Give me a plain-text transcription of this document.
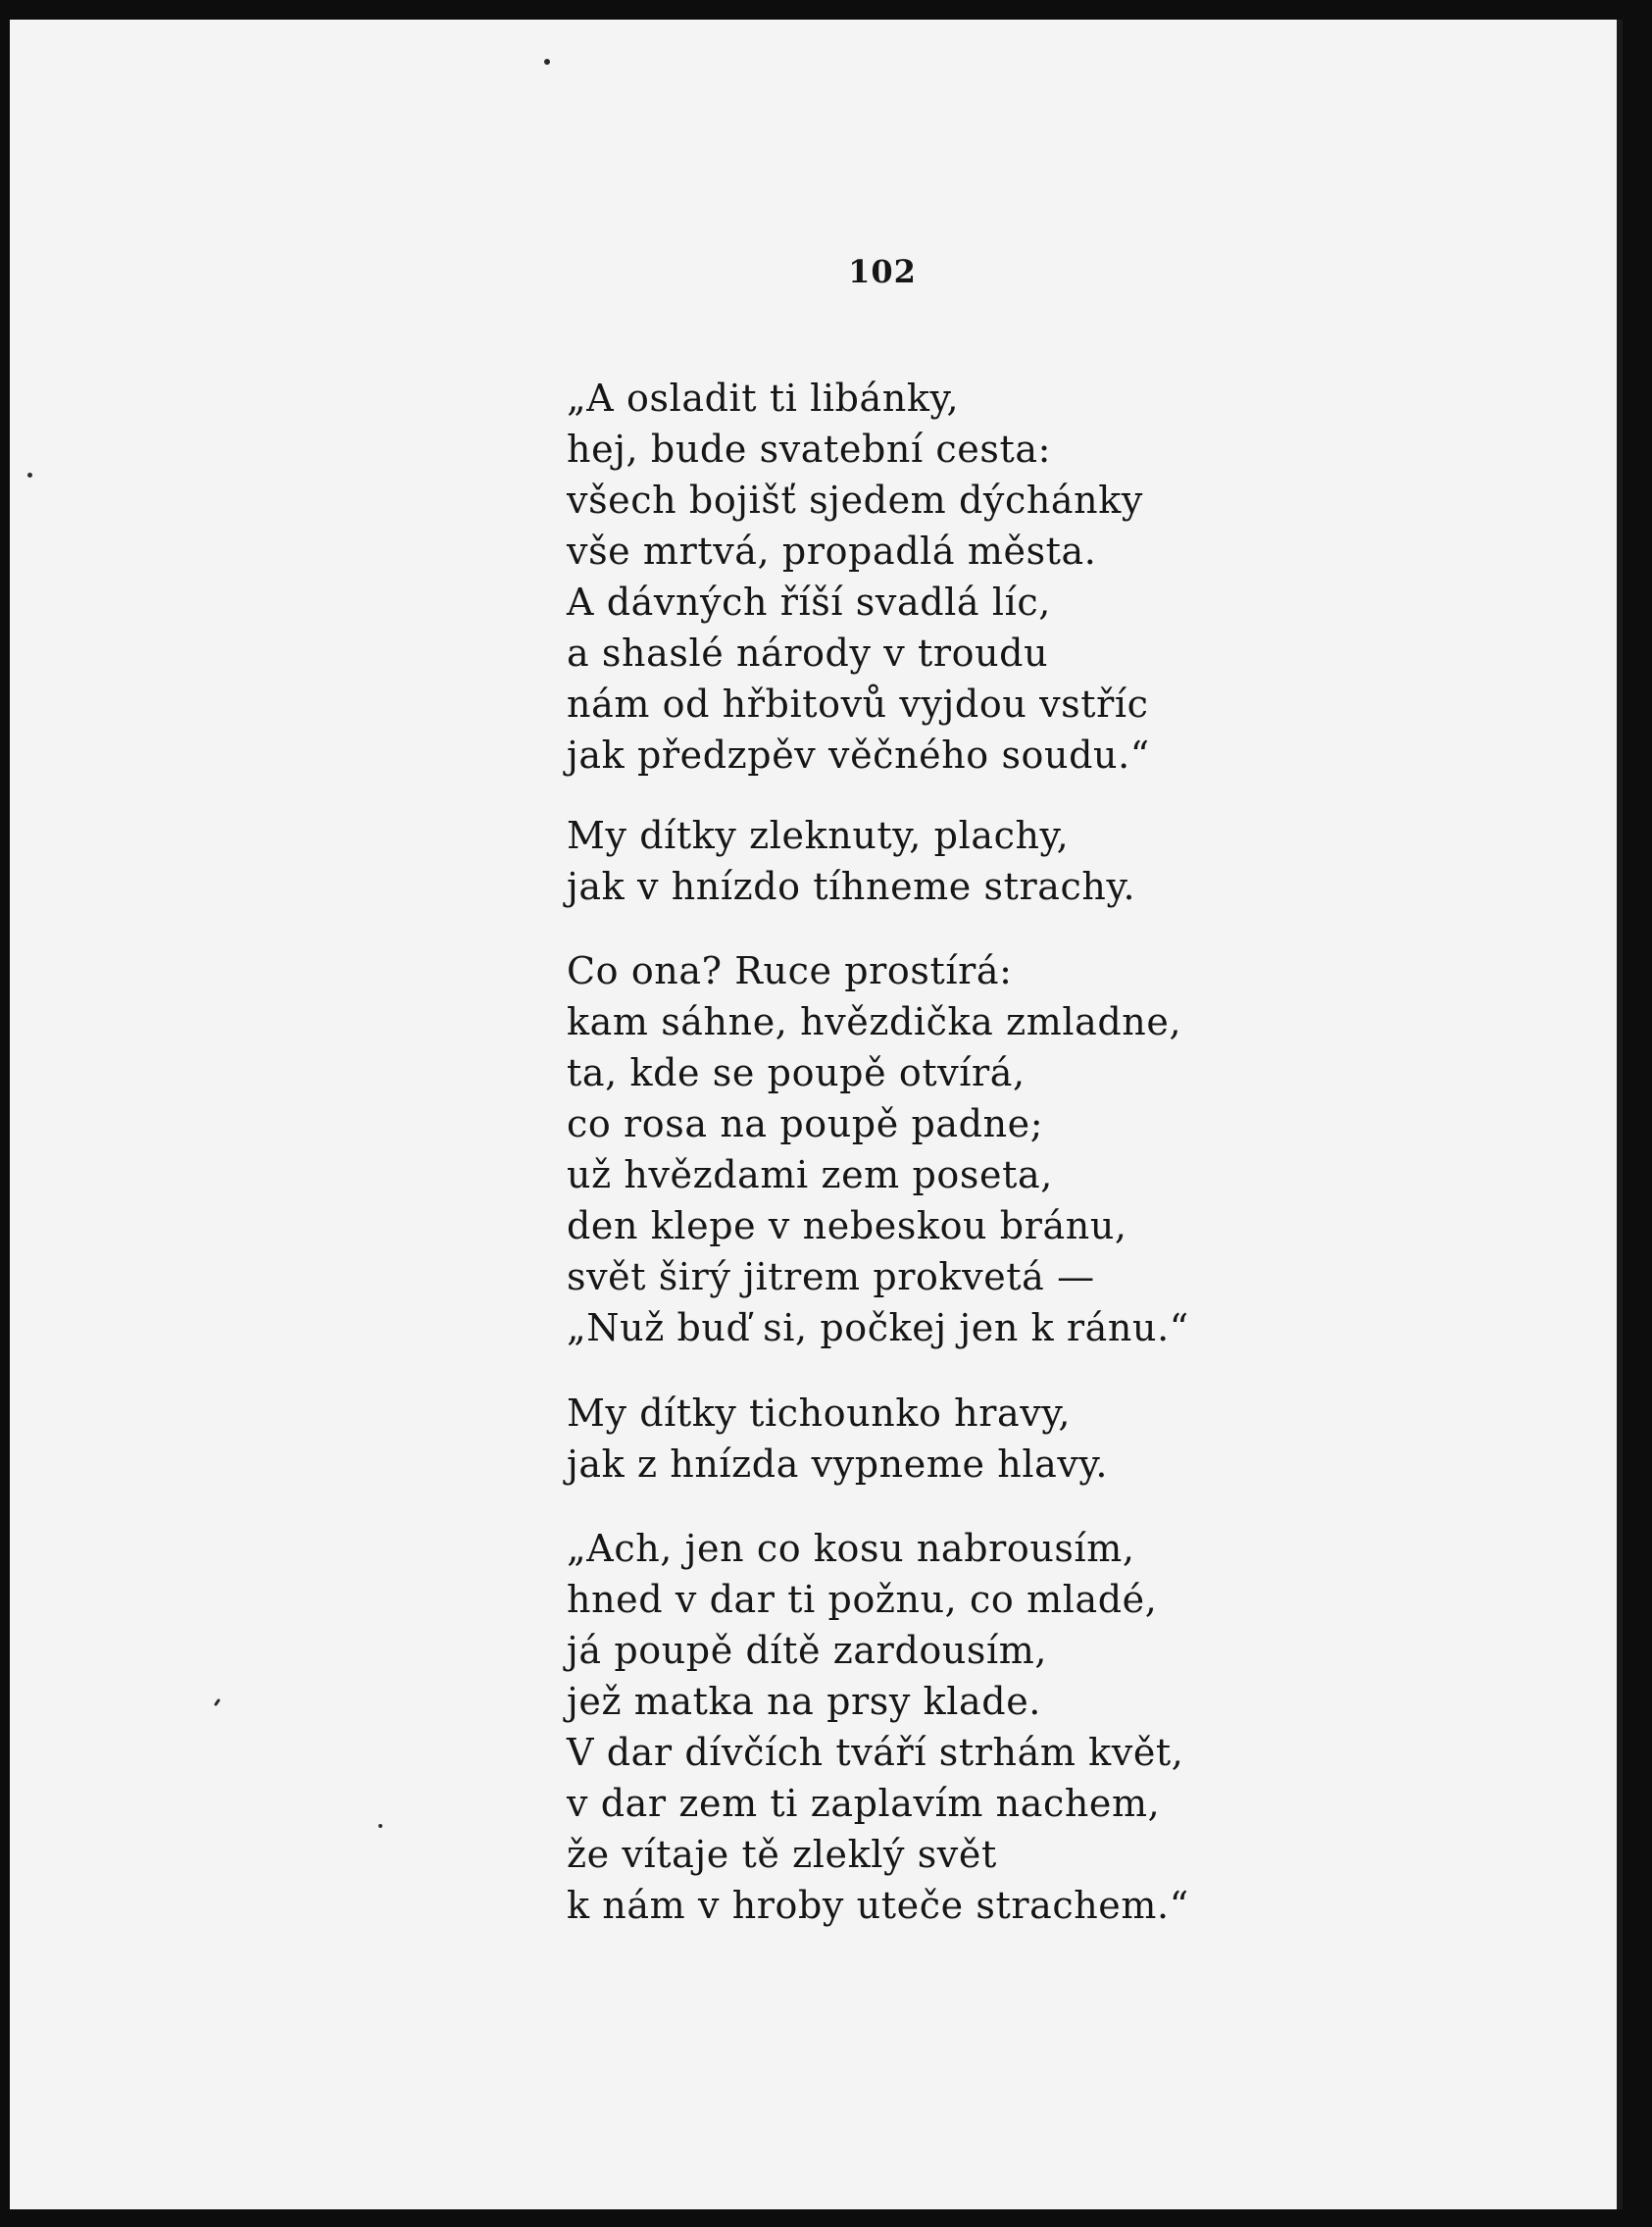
102
„A osladit ti libánky,
hej, bude svatební cesta:
všech bojišť sjedem dýchánky
vše mrtvá, propadlá města.
A dávných říší svadlá líc,
a shaslé národy v troudu
nám od hřbitovů vyjdou vstříc
jak předzpěv věčného soudu.“
My dítky zleknuty, plachy,
jak v hnízdo tíhneme strachy.
Co ona? Ruce prostírá:
kam sáhne, hvězdička zmladne,
ta, kde se poupě otvírá,
co rosa na poupě padne;
už hvězdami zem poseta,
den klepe v nebeskou bránu,
svět širý jitrem prokvetá —
„Nuž buď si, počkej jen k ránu.“
My dítky tichounko hravy,
jak z hnízda vypneme hlavy.
„Ach, jen co kosu nabrousím,
hned v dar ti požnu, co mladé,
já poupě dítě zardousím,
jež matka na prsy klade.
V dar dívčích tváří strhám květ,
v dar zem ti zaplavím nachem,
že vítaje tě zleklý svět
k nám v hroby uteče strachem.“
